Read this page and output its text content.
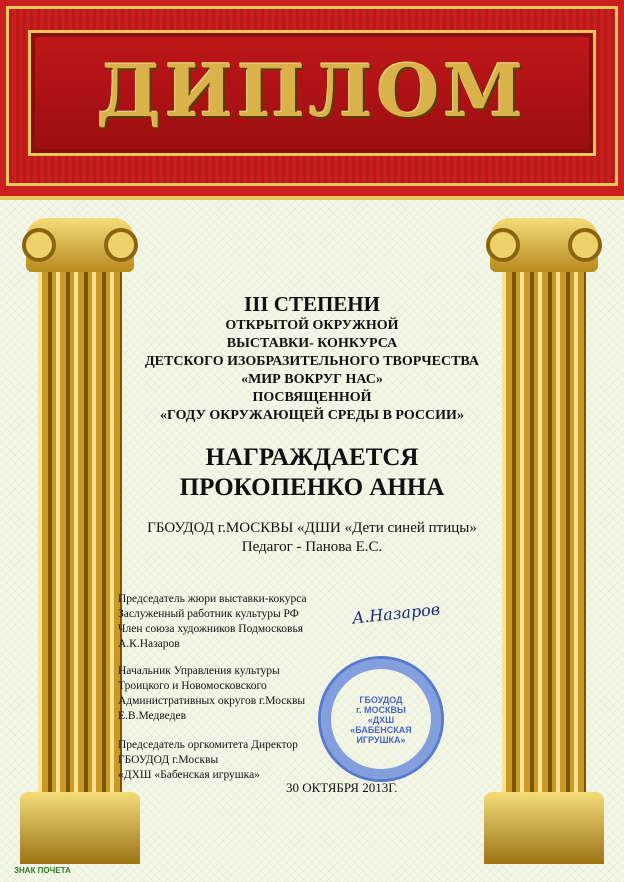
ДИПЛОМ
III СТЕПЕНИ
ОТКРЫТОЙ ОКРУЖНОЙ
ВЫСТАВКИ- КОНКУРСА
ДЕТСКОГО ИЗОБРАЗИТЕЛЬНОГО ТВОРЧЕСТВА
«МИР ВОКРУГ НАС»
ПОСВЯЩЕННОЙ
«ГОДУ ОКРУЖАЮЩЕЙ СРЕДЫ В РОССИИ»
НАГРАЖДАЕТСЯ
ПРОКОПЕНКО АННА
ГБОУДОД г.МОСКВЫ «ДШИ «Дети синей птицы»
Педагог - Панова Е.С.
Председатель жюри выставки-кокурса
Заслуженный работник культуры РФ
Член союза художников Подмосковья
А.К.Назаров
А.Назаров
Начальник Управления культуры
Троицкого и Новомосковского
Административных округов г.Москвы
Е.В.Медведев
Председатель оргкомитета Директор
ГБОУДОД г.Москвы
«ДХШ «Бабенская игрушка»
ГБОУДОД
г. МОСКВЫ
«ДХШ
«БАБЕНСКАЯ
ИГРУШКА»
30 ОКТЯБРЯ 2013Г.
ЗНАК ПОЧЕТА
